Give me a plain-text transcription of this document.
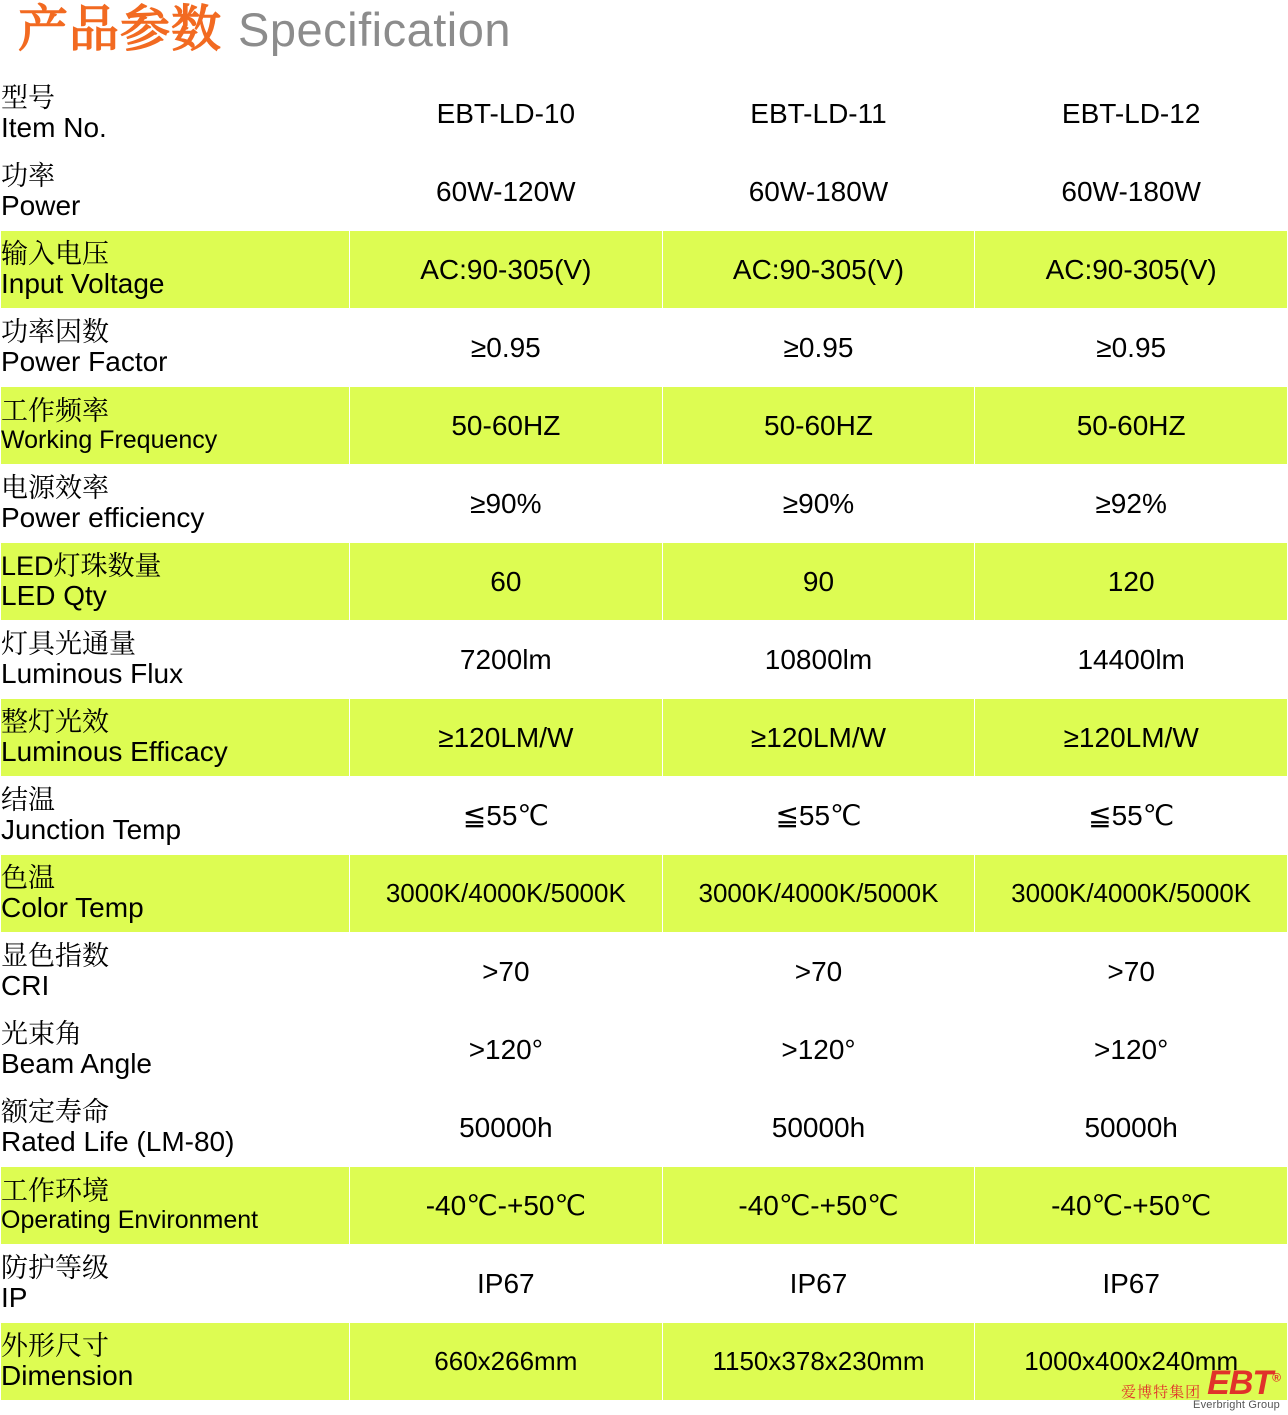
产品参数 Specification
型号
Item No.	EBT-LD-10	EBT-LD-11	EBT-LD-12

功率
Power	60W-120W	60W-180W	60W-180W

输入电压
Input Voltage	AC:90-305(V)	AC:90-305(V)	AC:90-305(V)

功率因数
Power Factor	≥0.95	≥0.95	≥0.95

工作频率
Working Frequency	50-60HZ	50-60HZ	50-60HZ

电源效率
Power efficiency	≥90%	≥90%	≥92%

LED灯珠数量
LED Qty	60	90	120

灯具光通量
Luminous Flux	7200lm	10800lm	14400lm

整灯光效
Luminous Efficacy	≥120LM/W	≥120LM/W	≥120LM/W

结温
Junction Temp	≦55℃	≦55℃	≦55℃

色温
Color Temp	3000K/4000K/5000K	3000K/4000K/5000K	3000K/4000K/5000K

显色指数
CRI	>70	>70	>70

光束角
Beam Angle	>120°	>120°	>120°

额定寿命
Rated Life (LM-80)	50000h	50000h	50000h

工作环境
Operating Environment	-40℃-+50℃	-40℃-+50℃	-40℃-+50℃

防护等级
IP	IP67	IP67	IP67

外形尺寸
Dimension	660x266mm	1150x378x230mm	1000x400x240mm
爱博特集团 EBT®
Everbright Group
